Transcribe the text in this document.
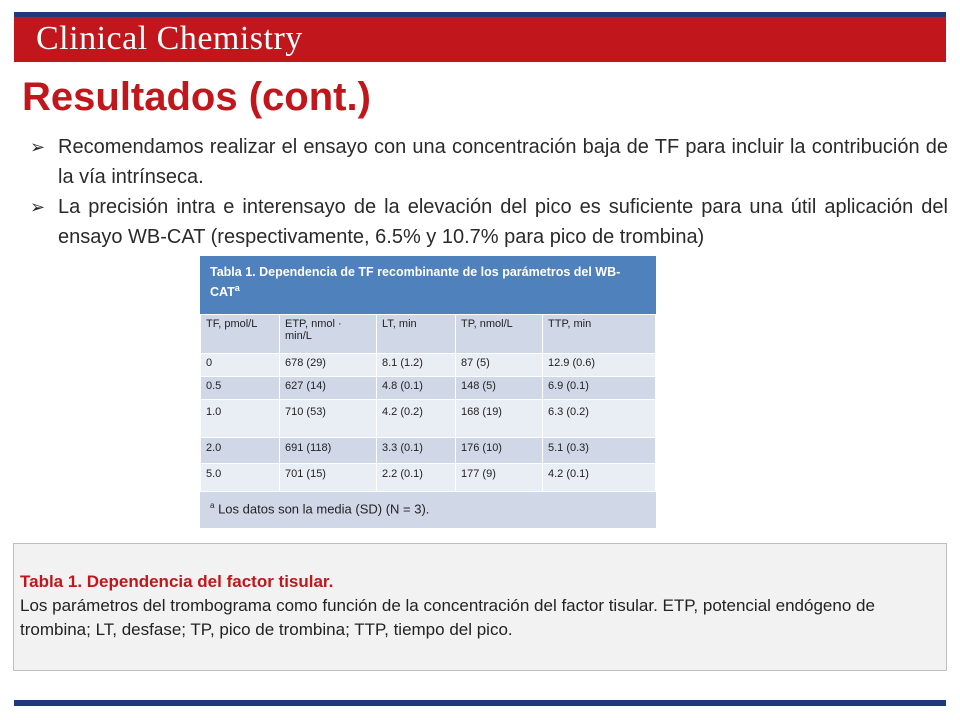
Clinical Chemistry
Resultados (cont.)
➢ Recomendamos realizar el ensayo con una concentración baja de TF para incluir la contribución de la vía intrínseca.
➢ La precisión intra e interensayo de la elevación del pico es suficiente para una útil aplicación del ensayo WB-CAT (respectivamente, 6.5% y 10.7% para pico de trombina)
Tabla 1. Dependencia de TF recombinante de los parámetros del WB-CAT$^a$
TF, pmol/L	ETP, nmol · min/L	LT, min	TP, nmol/L	TTP, min
0	678 (29)	8.1 (1.2)	87 (5)	12.9 (0.6)
0.5	627 (14)	4.8 (0.1)	148 (5)	6.9 (0.1)
1.0	710 (53)	4.2 (0.2)	168 (19)	6.3 (0.2)
2.0	691 (118)	3.3 (0.1)	176 (10)	5.1 (0.3)
5.0	701 (15)	2.2 (0.1)	177 (9)	4.2 (0.1)
$^a$ Los datos son la media (SD) (N = 3).
Tabla 1. Dependencia del factor tisular.
Los parámetros del trombograma como función de la concentración del factor tisular. ETP, potencial endógeno de trombina; LT, desfase; TP, pico de trombina; TTP, tiempo del pico.
